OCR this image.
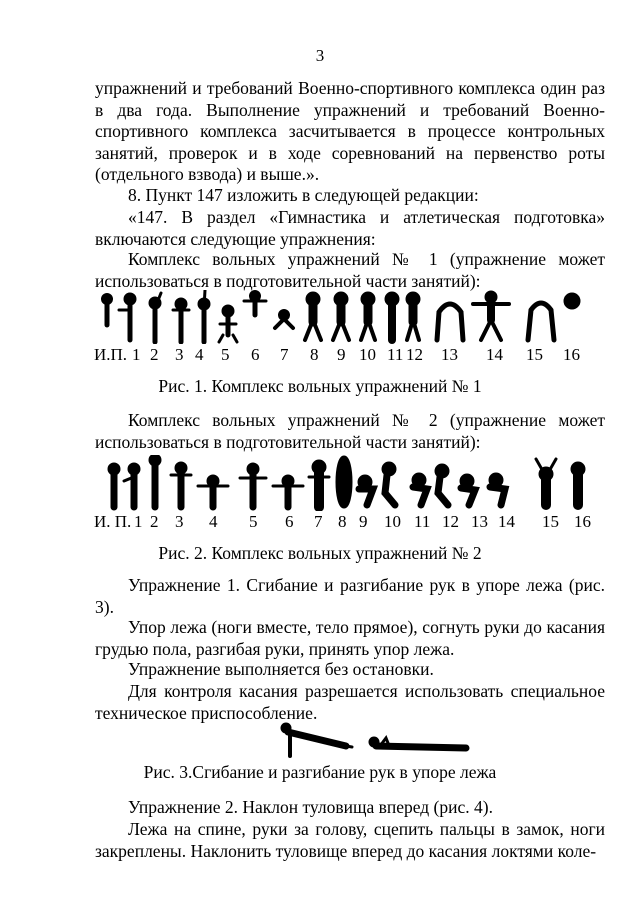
3
упражнений и требований Военно-спортивного комплекса один раз в два года. Выполнение упражнений и требований Военно-спортивного комплекса засчитывается в процессе контрольных занятий, проверок и в ходе соревнований на первенство роты (отдельного взвода) и выше.».
8. Пункт 147 изложить в следующей редакции:
«147. В раздел «Гимнастика и атлетическая подготовка» включаются следующие упражнения:
Комплекс вольных упражнений № 1 (упражнение может использоваться в подготовительной части занятий):
И.П. 1 2 3 4 5 6 7 8 9 10 11 12 13 14 15 16
Рис. 1. Комплекс вольных упражнений № 1
Комплекс вольных упражнений № 2 (упражнение может использоваться в подготовительной части занятий):
И. П. 1 2 3 4 5 6 7 8 9 10 11 12 13 14 15 16
Рис. 2. Комплекс вольных упражнений № 2
Упражнение 1. Сгибание и разгибание рук в упоре лежа (рис. 3).
Упор лежа (ноги вместе, тело прямое), согнуть руки до касания грудью пола, разгибая руки, принять упор лежа.
Упражнение выполняется без остановки.
Для контроля касания разрешается использовать специальное техническое приспособление.
Рис. 3.Сгибание и разгибание рук в упоре лежа
Упражнение 2. Наклон туловища вперед (рис. 4).
Лежа на спине, руки за голову, сцепить пальцы в замок, ноги закреплены. Наклонить туловище вперед до касания локтями коле-
